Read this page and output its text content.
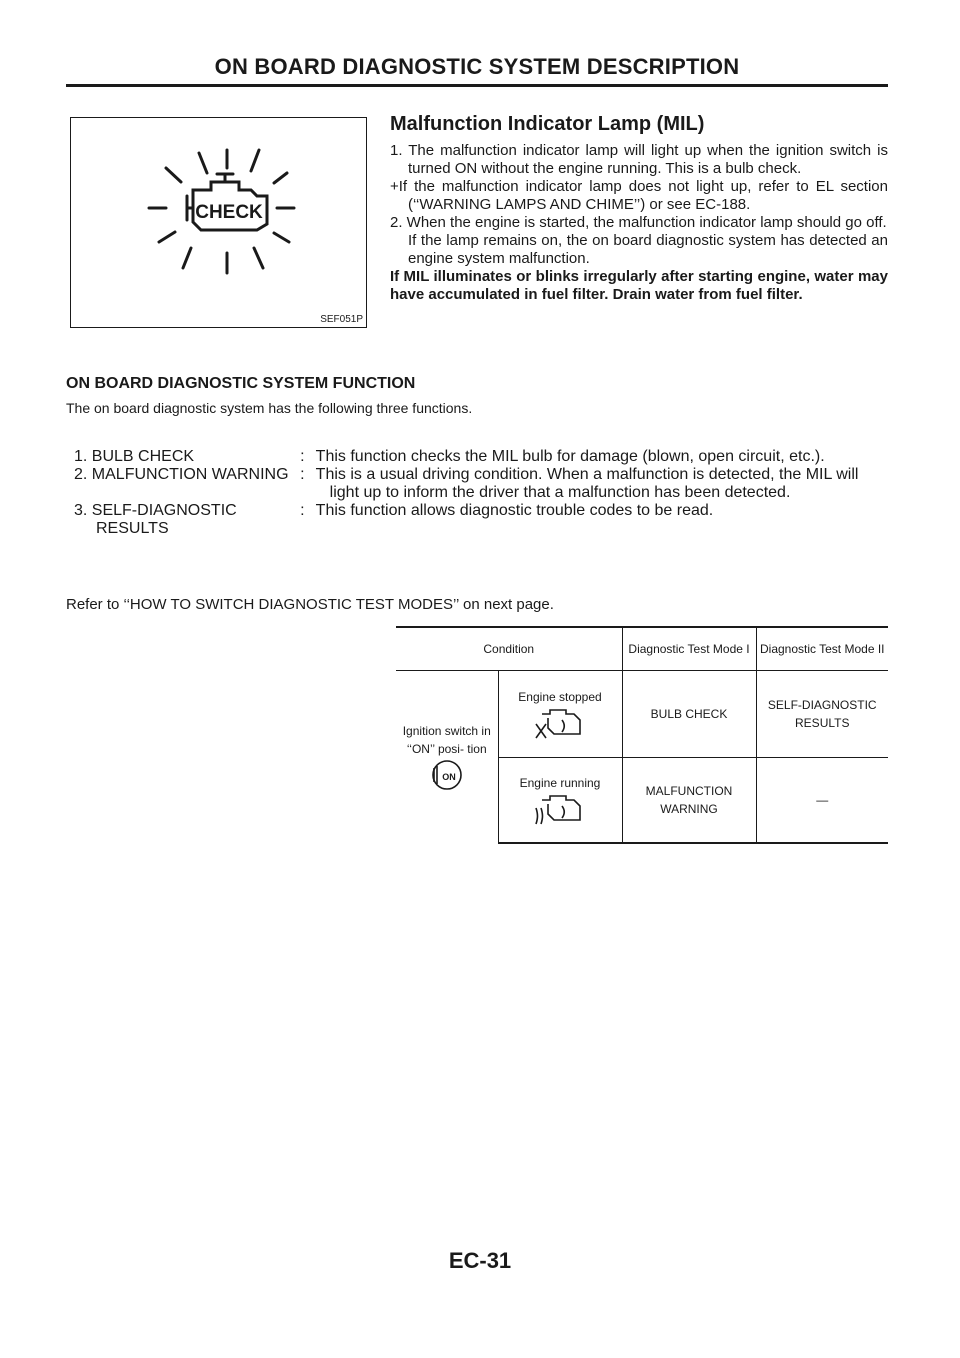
ON BOARD DIAGNOSTIC SYSTEM DESCRIPTION
CHECK
SEF051P
Malfunction Indicator Lamp (MIL)

1. The malfunction indicator lamp will light up when the ignition switch is turned ON without the engine running. This is a bulb check.

+If the malfunction indicator lamp does not light up, refer to EL section (‘‘WARNING LAMPS AND CHIME’’) or see EC-188.

2. When the engine is started, the malfunction indicator lamp should go off.

If the lamp remains on, the on board diagnostic system has detected an engine system malfunction.

If MIL illuminates or blinks irregularly after starting engine, water may have accumulated in fuel filter. Drain water from fuel filter.

ON BOARD DIAGNOSTIC SYSTEM FUNCTION
The on board diagnostic system has the following three functions.
1. BULB CHECK	: This function checks the MIL bulb for damage (blown, open circuit, etc.).
2. MALFUNCTION WARNING : This is a usual driving condition. When a malfunction is detected, the MIL will light up to inform the driver that a malfunction has been detected.
3. SELF-DIAGNOSTIC RESULTS
: This function allows diagnostic trouble codes to be read.
Refer to ‘‘HOW TO SWITCH DIAGNOSTIC TEST MODES’’ on next page.
Condition		Diagnostic Test Mode I	Diagnostic Test Mode II

Ignition switch in ‘‘ON’’ posi- tion
ON	Engine stopped	BULB CHECK	SELF-DIAGNOSTIC RESULTS

	Engine running	MALFUNCTION WARNING	—
EC-31
